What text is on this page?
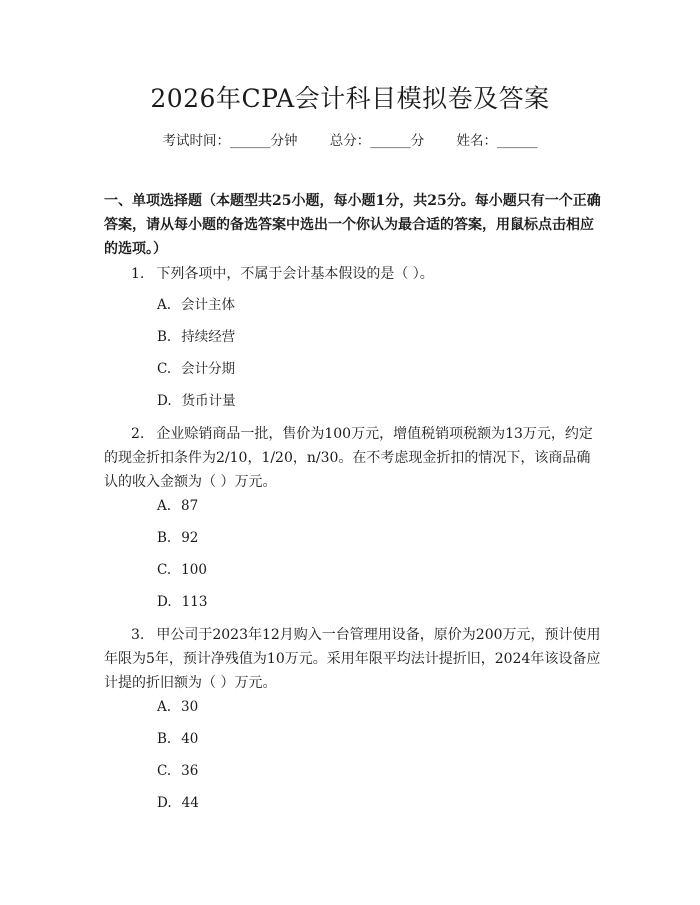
2026年CPA会计科目模拟卷及答案
考试时间：______分钟 总分：______分 姓名：______
一、单项选择题（本题型共25小题，每小题1分，共25分。每小题只有一个正确答案，请从每小题的备选答案中选出一个你认为最合适的答案，用鼠标点击相应的选项。）
1. 下列各项中，不属于会计基本假设的是（ ）。
A. 会计主体
B. 持续经营
C. 会计分期
D. 货币计量
2. 企业赊销商品一批，售价为100万元，增值税销项税额为13万元，约定的现金折扣条件为2/10，1/20，n/30。在不考虑现金折扣的情况下，该商品确认的收入金额为（ ）万元。
A. 87
B. 92
C. 100
D. 113
3. 甲公司于2023年12月购入一台管理用设备，原价为200万元，预计使用年限为5年，预计净残值为10万元。采用年限平均法计提折旧，2024年该设备应计提的折旧额为（ ）万元。
A. 30
B. 40
C. 36
D. 44
